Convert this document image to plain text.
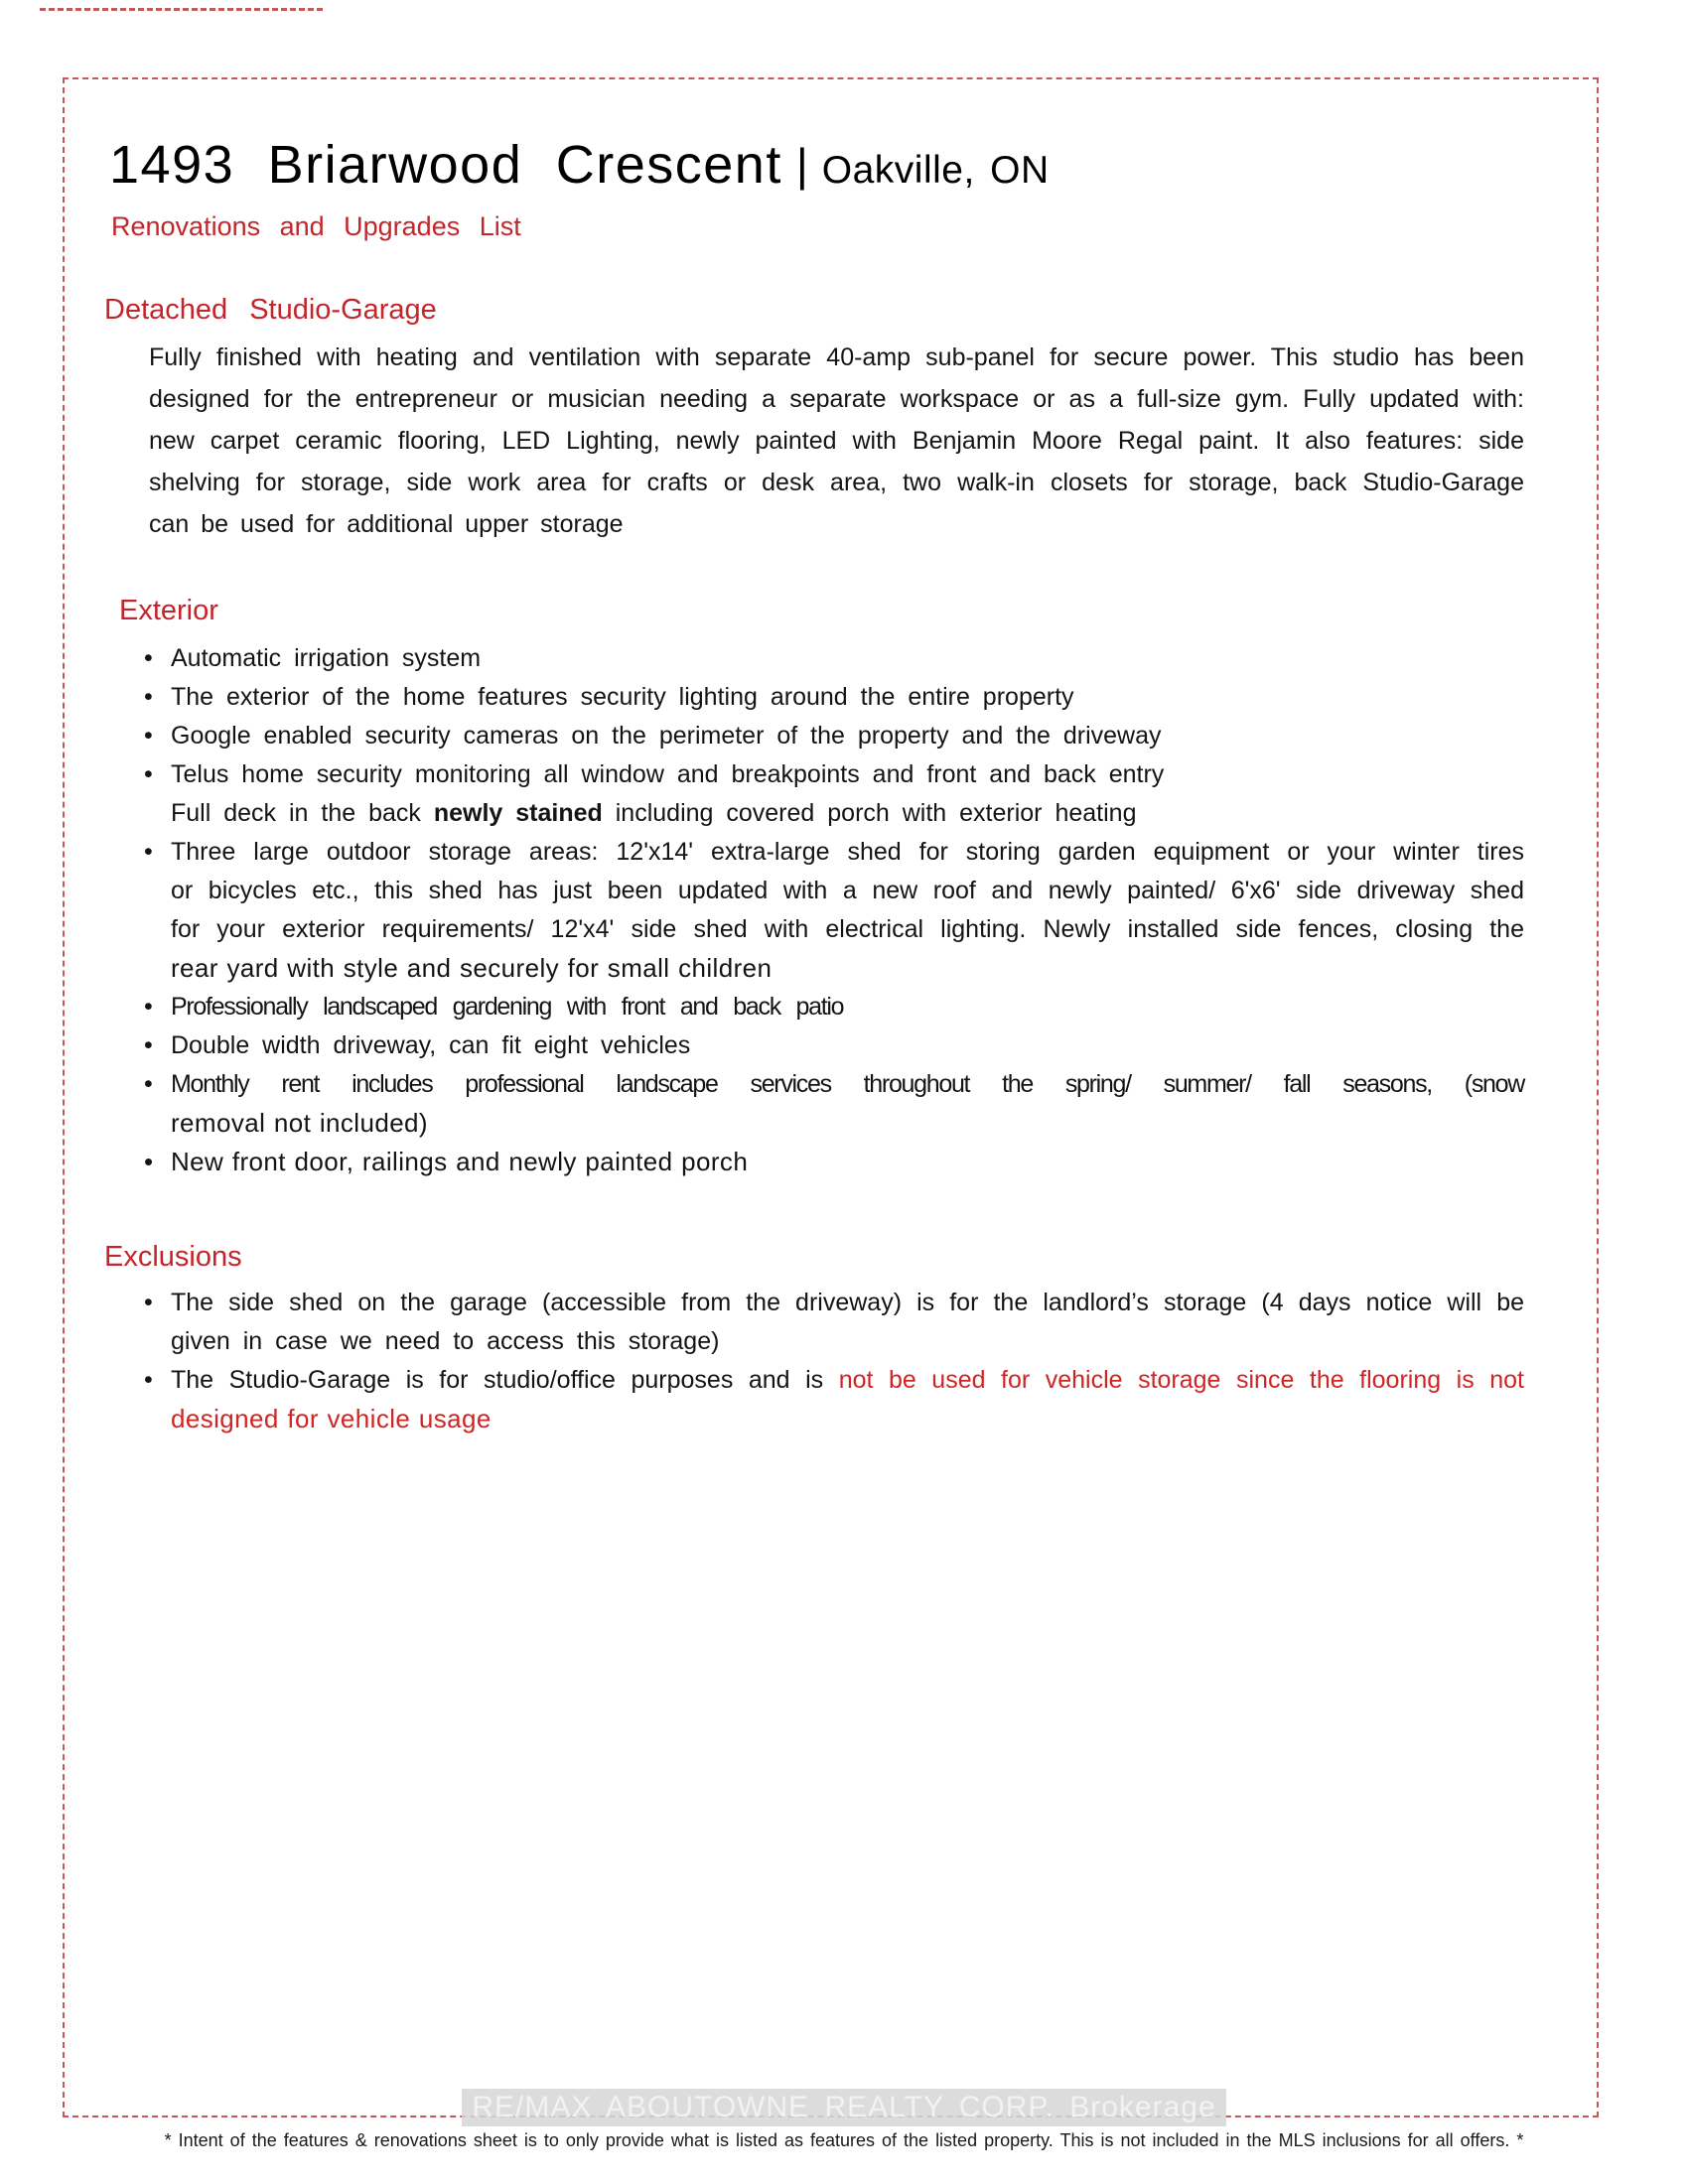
1493 Briarwood Crescent | Oakville, ON
Renovations and Upgrades List
Detached Studio-Garage
Fully finished with heating and ventilation with separate 40-amp sub-panel for secure power. This studio has been
designed for the entrepreneur or musician needing a separate workspace or as a full-size gym. Fully updated with:
new carpet ceramic flooring, LED Lighting, newly painted with Benjamin Moore Regal paint. It also features: side
shelving for storage, side work area for crafts or desk area, two walk-in closets for storage, back Studio-Garage
can be used for additional upper storage
Exterior
• Automatic irrigation system
• The exterior of the home features security lighting around the entire property
• Google enabled security cameras on the perimeter of the property and the driveway
• Telus home security monitoring all window and breakpoints and front and back entry
Full deck in the back newly stained including covered porch with exterior heating
• Three large outdoor storage areas: 12'x14' extra-large shed for storing garden equipment or your winter tires
or bicycles etc., this shed has just been updated with a new roof and newly painted/ 6'x6' side driveway shed
for your exterior requirements/ 12'x4' side shed with electrical lighting. Newly installed side fences, closing the
rear yard with style and securely for small children
• Professionally landscaped gardening with front and back patio
• Double width driveway, can fit eight vehicles
• Monthly rent includes professional landscape services throughout the spring/ summer/ fall seasons, (snow
removal not included)
• New front door, railings and newly painted porch
Exclusions
• The side shed on the garage (accessible from the driveway) is for the landlord’s storage (4 days notice will be
given in case we need to access this storage)
• The Studio-Garage is for studio/office purposes and is not be used for vehicle storage since the flooring is not
designed for vehicle usage
RE/MAX ABOUTOWNE REALTY CORP. Brokerage
* Intent of the features & renovations sheet is to only provide what is listed as features of the listed property. This is not included in the MLS inclusions for all offers. *
